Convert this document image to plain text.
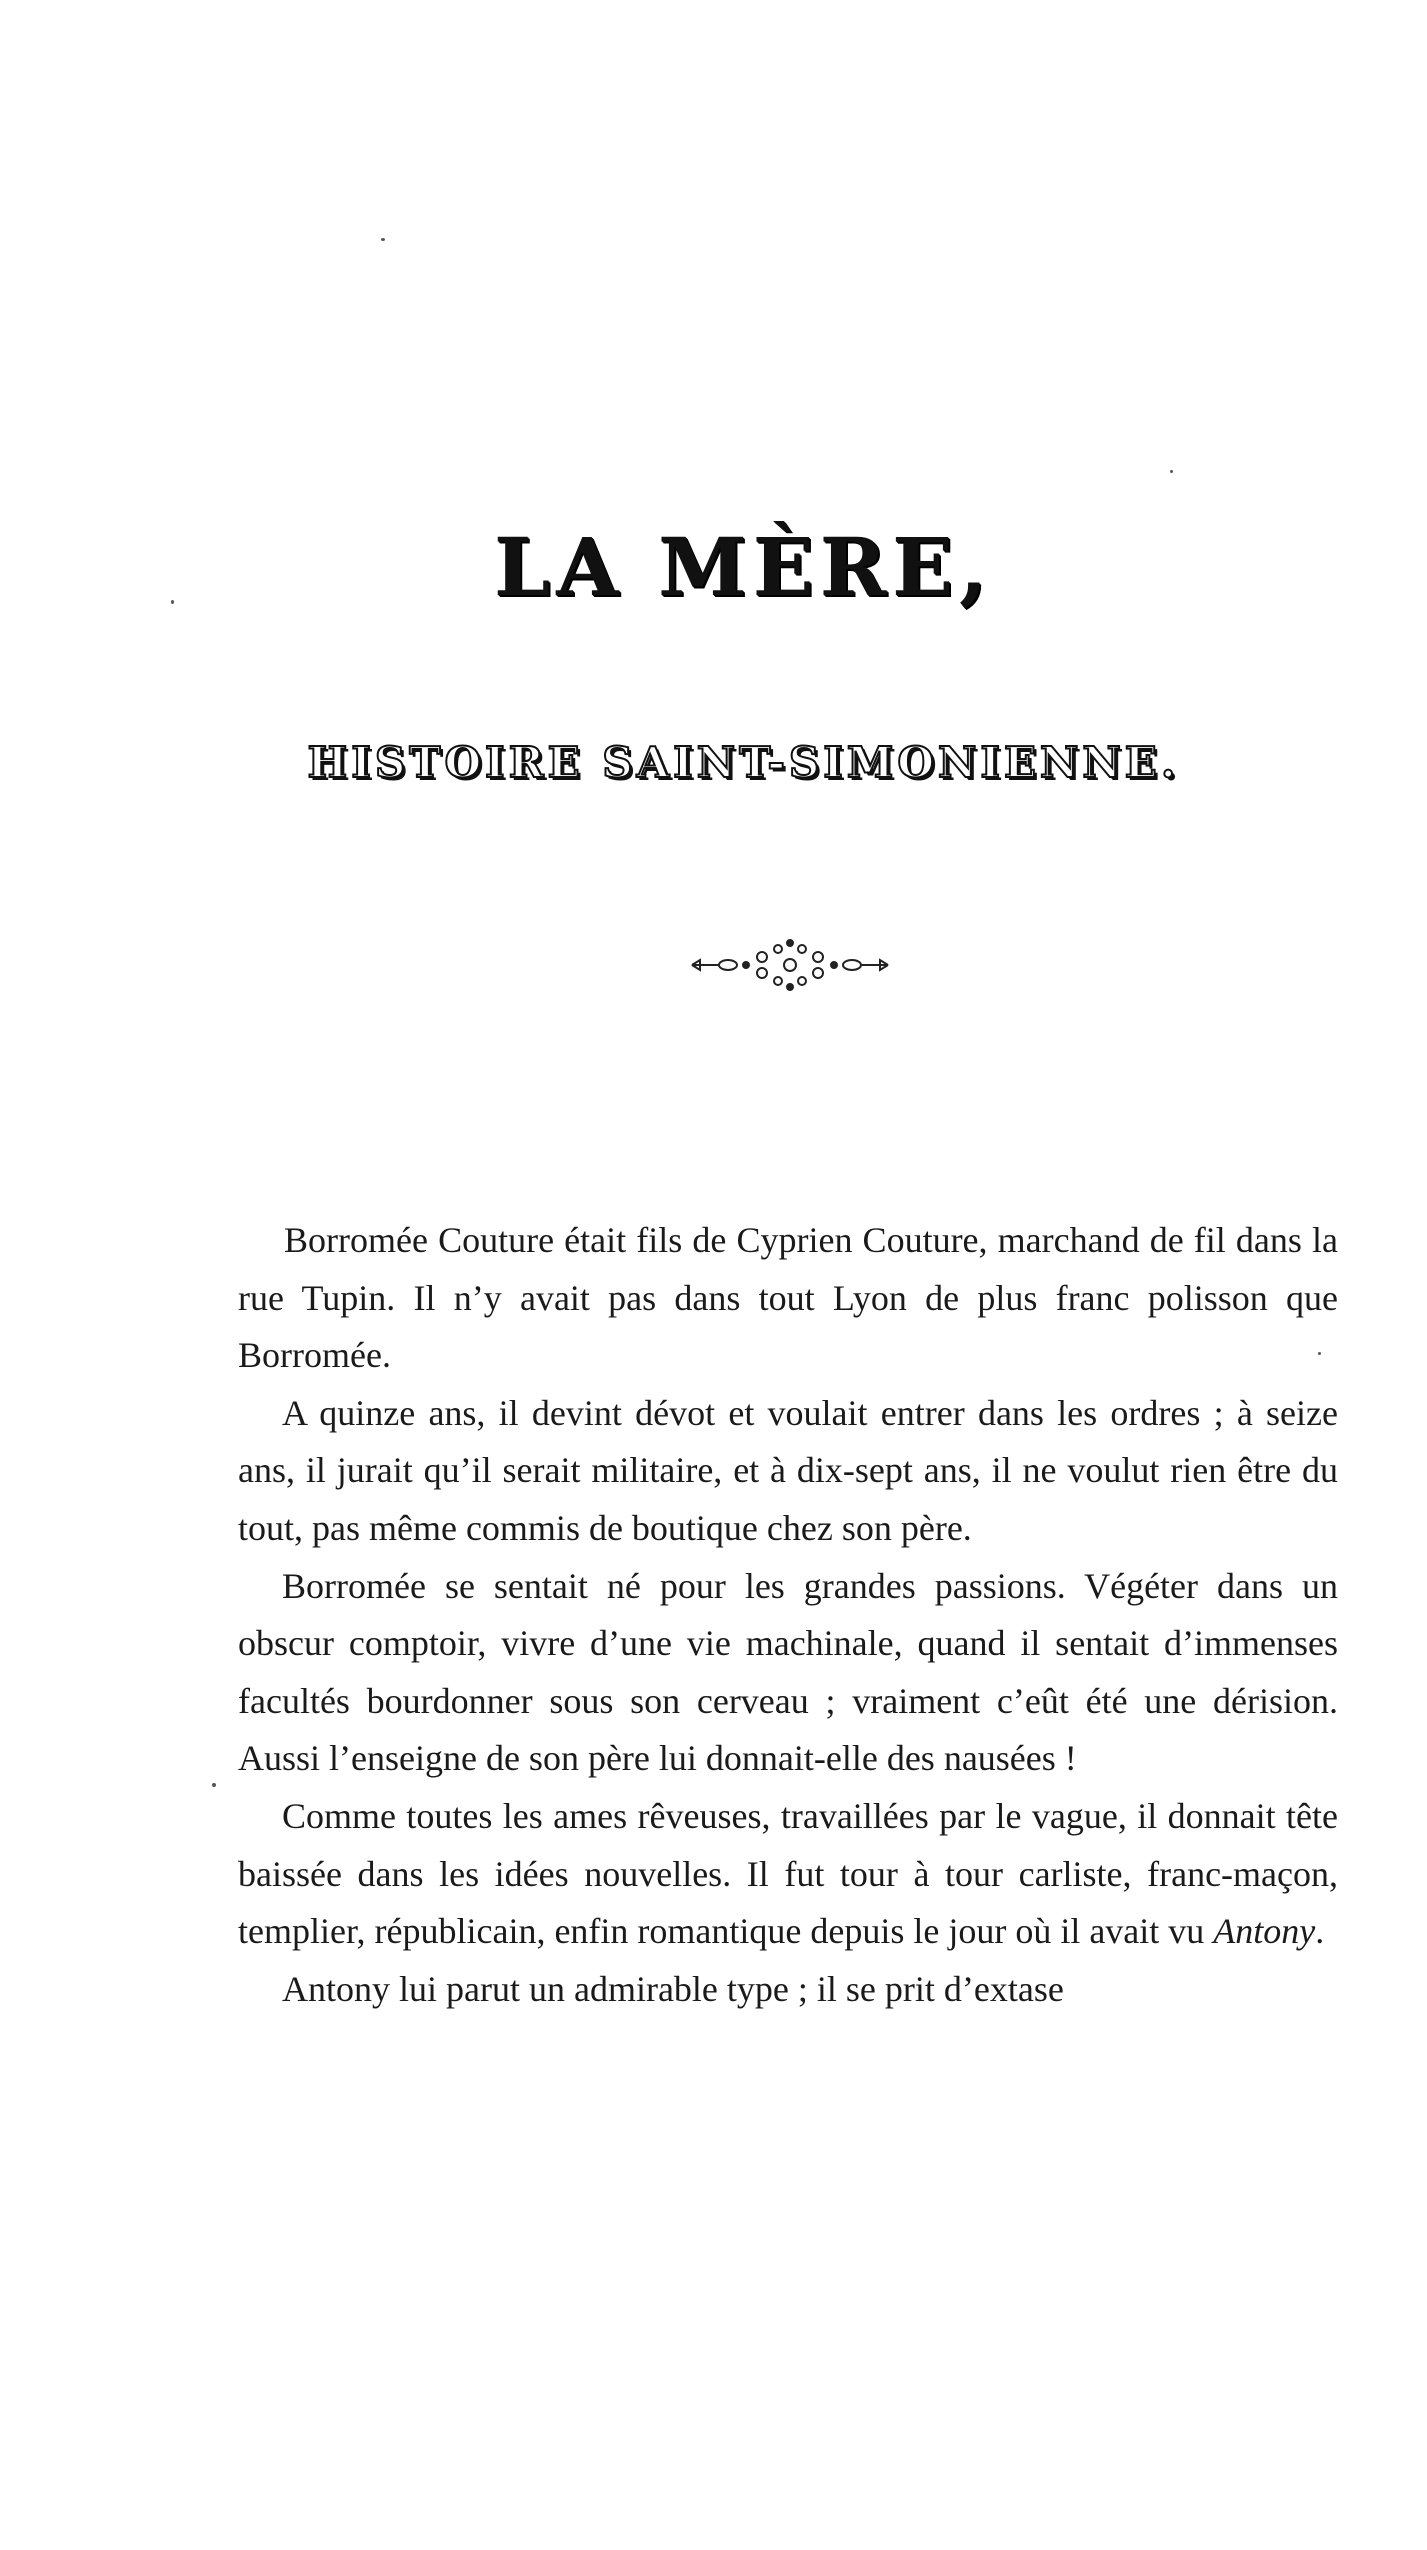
LA MÈRE,
HISTOIRE SAINT-SIMONIENNE.

Borromée Couture était fils de Cyprien Couture, marchand de fil dans la rue Tupin. Il n’y avait pas dans tout Lyon de plus franc polisson que Borromée.

A quinze ans, il devint dévot et voulait entrer dans les ordres ; à seize ans, il jurait qu’il serait militaire, et à dix-sept ans, il ne voulut rien être du tout, pas même commis de boutique chez son père.

Borromée se sentait né pour les grandes passions. Végéter dans un obscur comptoir, vivre d’une vie machinale, quand il sentait d’immenses facultés bourdonner sous son cerveau ; vraiment c’eût été une dérision. Aussi l’enseigne de son père lui donnait-elle des nausées !

Comme toutes les ames rêveuses, travaillées par le vague, il donnait tête baissée dans les idées nouvelles. Il fut tour à tour carliste, franc-maçon, templier, républicain, enfin romantique depuis le jour où il avait vu Antony.

Antony lui parut un admirable type ; il se prit d’extase
